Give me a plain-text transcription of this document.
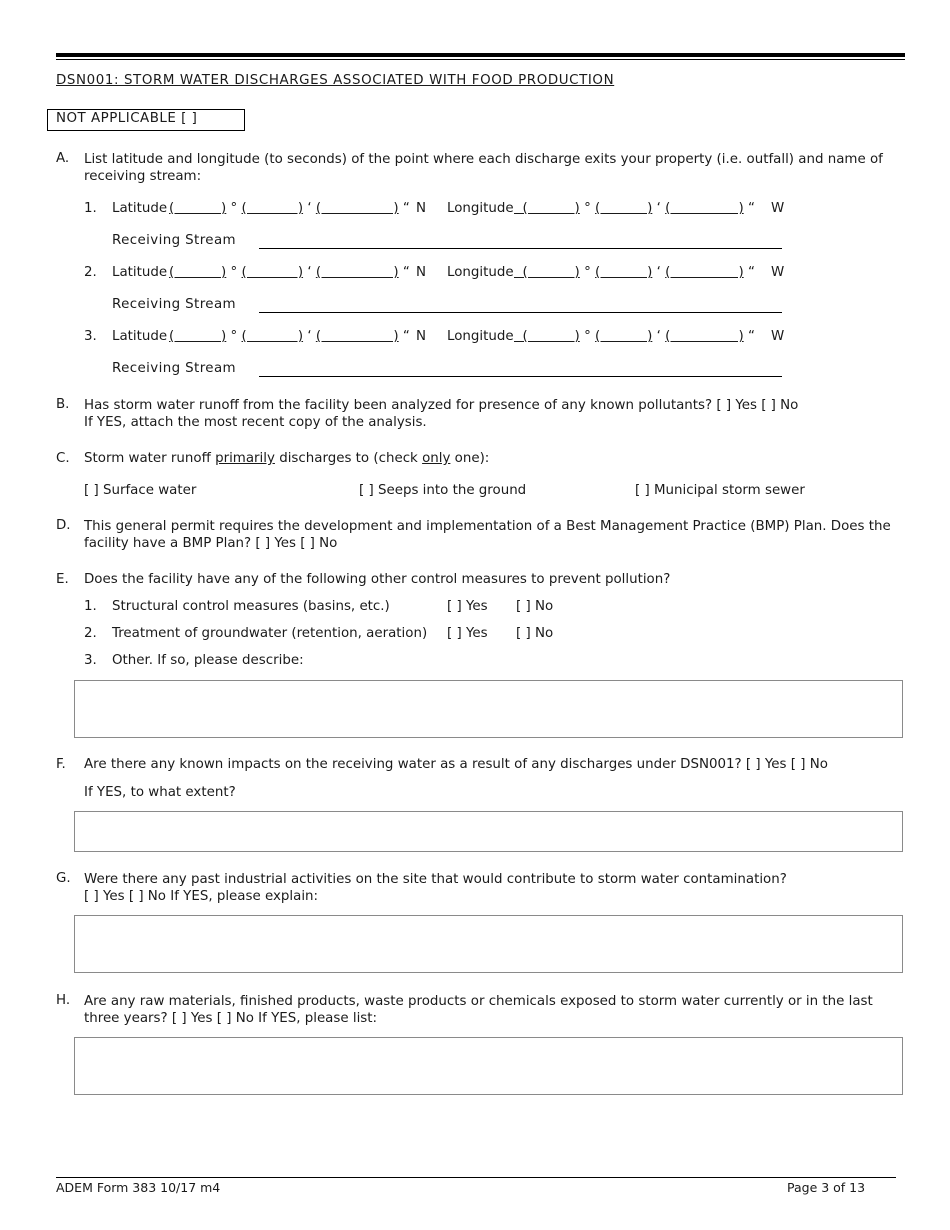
DSN001: STORM WATER DISCHARGES ASSOCIATED WITH FOOD PRODUCTION
NOT APPLICABLE [ ]
A. List latitude and longitude (to seconds) of the point where each discharge exits your property (i.e. outfall) and name of receiving stream:
1. Latitude (           ) ° (            ) ‘ (                 ) “ N Longitude (           ) ° (           ) ‘ (                ) “ W
Receiving Stream
2. Latitude (           ) ° (            ) ‘ (                 ) “ N Longitude (           ) ° (           ) ‘ (                ) “ W
Receiving Stream
3. Latitude (           ) ° (            ) ‘ (                 ) “ N Longitude (           ) ° (           ) ‘ (                ) “ W
Receiving Stream
B. Has storm water runoff from the facility been analyzed for presence of any known pollutants? [ ] Yes [ ] No
If YES, attach the most recent copy of the analysis.
C. Storm water runoff primarily discharges to (check only one):
[ ] Surface water	[ ] Seeps into the ground	[ ] Municipal storm sewer
D. This general permit requires the development and implementation of a Best Management Practice (BMP) Plan. Does the facility have a BMP Plan? [ ] Yes [ ] No
E. Does the facility have any of the following other control measures to prevent pollution?
1. Structural control measures (basins, etc.)	[ ] Yes [ ] No
2. Treatment of groundwater (retention, aeration) [ ] Yes [ ] No
3. Other. If so, please describe:
F. Are there any known impacts on the receiving water as a result of any discharges under DSN001? [ ] Yes [ ] No
If YES, to what extent?
G. Were there any past industrial activities on the site that would contribute to storm water contamination?
[ ] Yes [ ] No If YES, please explain:
H. Are any raw materials, finished products, waste products or chemicals exposed to storm water currently or in the last three years? [ ] Yes [ ] No If YES, please list:
ADEM Form 383 10/17 m4	Page 3 of 13
